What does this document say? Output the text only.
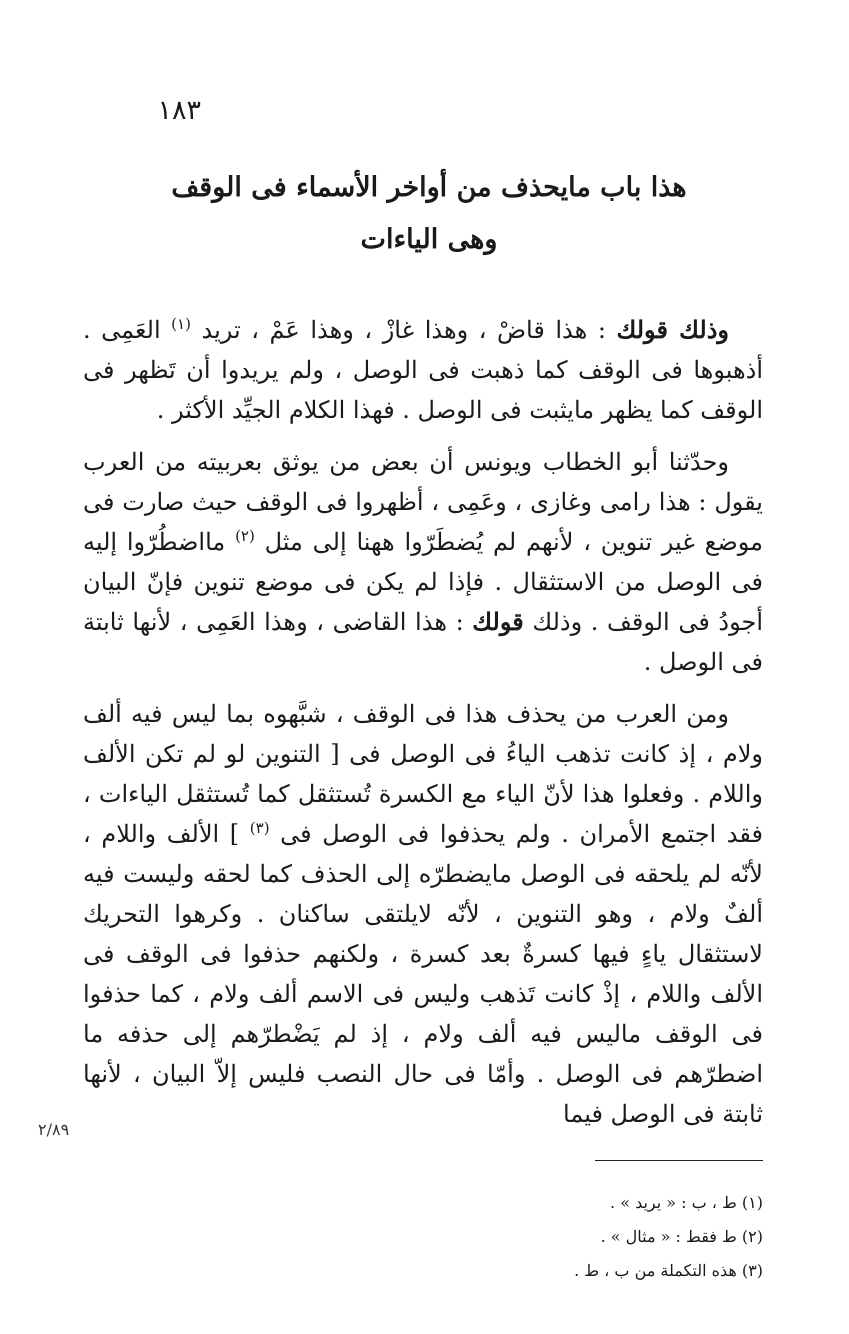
١٨٣
هذا باب مايحذف من أواخر الأسماء فى الوقف
وهى الياءات

وذلك قولك : هذا قاضْ ، وهذا غازْ ، وهذا عَمْ ، تريد $^{(١)}$ العَمِى . أذهبوها فى الوقف كما ذهبت فى الوصل ، ولم يريدوا أن تَظهر فى الوقف كما يظهر مايثبت فى الوصل . فهذا الكلام الجيِّد الأكثر .

وحدّثنا أبو الخطاب ويونس أن بعض من يوثق بعربيته من العرب يقول : هذا رامى وغازى ، وعَمِى ، أظهروا فى الوقف حيث صارت فى موضع غير تنوين ، لأنهم لم يُضطَرّوا ههنا إلى مثل $^{(٢)}$ مااضطُرّوا إليه فى الوصل من الاستثقال . فإذا لم يكن فى موضع تنوين فإنّ البيان أجودُ فى الوقف . وذلك قولك : هذا القاضى ، وهذا العَمِى ، لأنها ثابتة فى الوصل .

ومن العرب من يحذف هذا فى الوقف ، شبَّهوه بما ليس فيه ألف ولام ، إذ كانت تذهب الياءُ فى الوصل فى [ التنوين لو لم تكن الألف واللام . وفعلوا هذا لأنّ الياء مع الكسرة تُستثقل كما تُستثقل الياءات ، فقد اجتمع الأمران . ولم يحذفوا فى الوصل فى $^{(٣)}$ ] الألف واللام ، لأنّه لم يلحقه فى الوصل مايضطرّه إلى الحذف كما لحقه وليست فيه ألفٌ ولام ، وهو التنوين ، لأنّه لايلتقى ساكنان . وكرهوا التحريك لاستثقال ياءٍ فيها كسرةٌ بعد كسرة ، ولكنهم حذفوا فى الوقف فى الألف واللام ، إذْ كانت تَذهب وليس فى الاسم ألف ولام ، كما حذفوا فى الوقف ماليس فيه ألف ولام ، إذ لم يَضْطرّهم إلى حذفه ما اضطرّهم فى الوصل . وأمّا فى حال النصب فليس إلاّ البيان ، لأنها ثابتة فى الوصل فيما

٢/٨٩
(١) ط ، ب : « يريد » .
(٢) ط فقط : « مثال » .
(٣) هذه التكملة من ب ، ط .
